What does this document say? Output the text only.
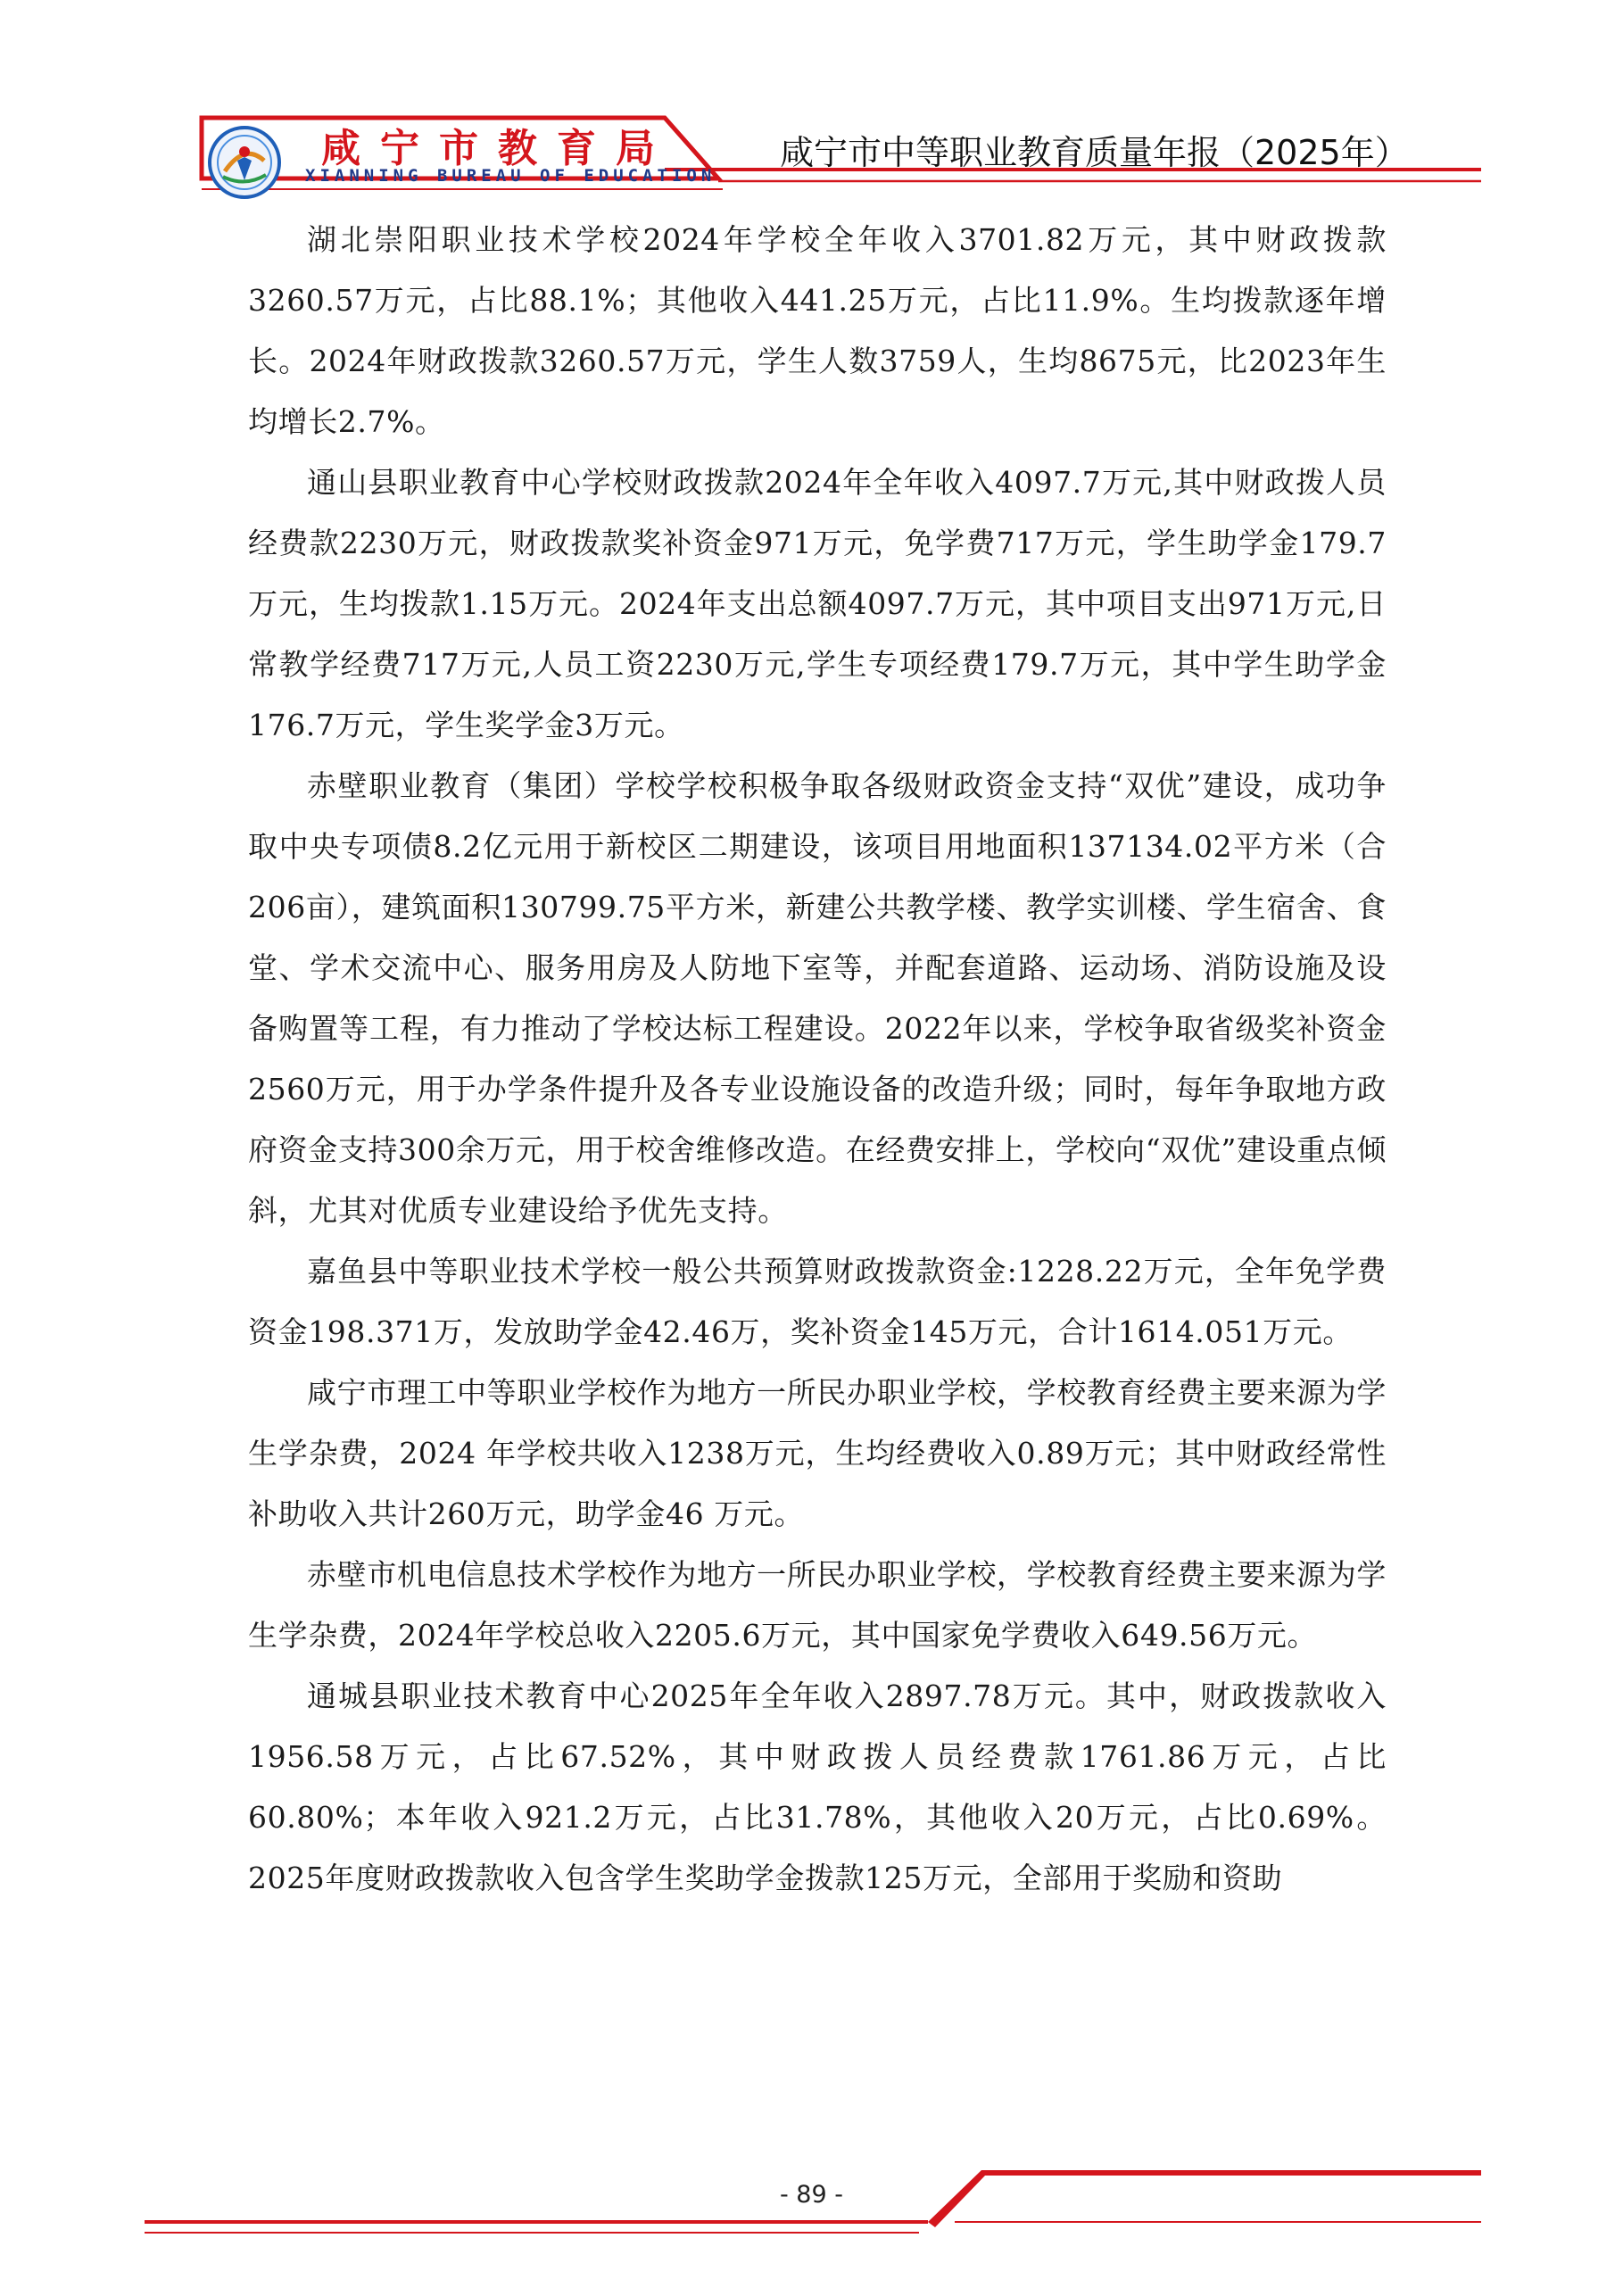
咸宁市教育局
XIANNING BUREAU OF EDUCATION
咸宁市中等职业教育质量年报（2025年）

湖北崇阳职业技术学校2024年学校全年收入3701.82万元，其中财政拨款3260.57万元，占比88.1%；其他收入441.25万元，占比11.9%。生均拨款逐年增长。2024年财政拨款3260.57万元，学生人数3759人，生均8675元，比2023年生均增长2.7%。

通山县职业教育中心学校财政拨款2024年全年收入4097.7万元,其中财政拨人员经费款2230万元，财政拨款奖补资金971万元，免学费717万元，学生助学金179.7万元，生均拨款1.15万元。2024年支出总额4097.7万元，其中项目支出971万元,日常教学经费717万元,人员工资2230万元,学生专项经费179.7万元，其中学生助学金176.7万元，学生奖学金3万元。

赤壁职业教育（集团）学校学校积极争取各级财政资金支持“双优”建设，成功争取中央专项债8.2亿元用于新校区二期建设，该项目用地面积137134.02平方米（合206亩），建筑面积130799.75平方米，新建公共教学楼、教学实训楼、学生宿舍、食堂、学术交流中心、服务用房及人防地下室等，并配套道路、运动场、消防设施及设备购置等工程，有力推动了学校达标工程建设。2022年以来，学校争取省级奖补资金2560万元，用于办学条件提升及各专业设施设备的改造升级；同时，每年争取地方政府资金支持300余万元，用于校舍维修改造。在经费安排上，学校向“双优”建设重点倾斜，尤其对优质专业建设给予优先支持。

嘉鱼县中等职业技术学校一般公共预算财政拨款资金:1228.22万元，全年免学费资金198.371万，发放助学金42.46万，奖补资金145万元，合计1614.051万元。

咸宁市理工中等职业学校作为地方一所民办职业学校，学校教育经费主要来源为学生学杂费，2024 年学校共收入1238万元，生均经费收入0.89万元；其中财政经常性补助收入共计260万元，助学金46 万元。

赤壁市机电信息技术学校作为地方一所民办职业学校，学校教育经费主要来源为学生学杂费，2024年学校总收入2205.6万元，其中国家免学费收入649.56万元。

通城县职业技术教育中心2025年全年收入2897.78万元。其中，财政拨款收入1956.58万元，占比67.52%，其中财政拨人员经费款1761.86万元，占比60.80%；本年收入921.2万元，占比31.78%，其他收入20万元，占比0.69%。2025年度财政拨款收入包含学生奖助学金拨款125万元，全部用于奖励和资助

- 89 -
